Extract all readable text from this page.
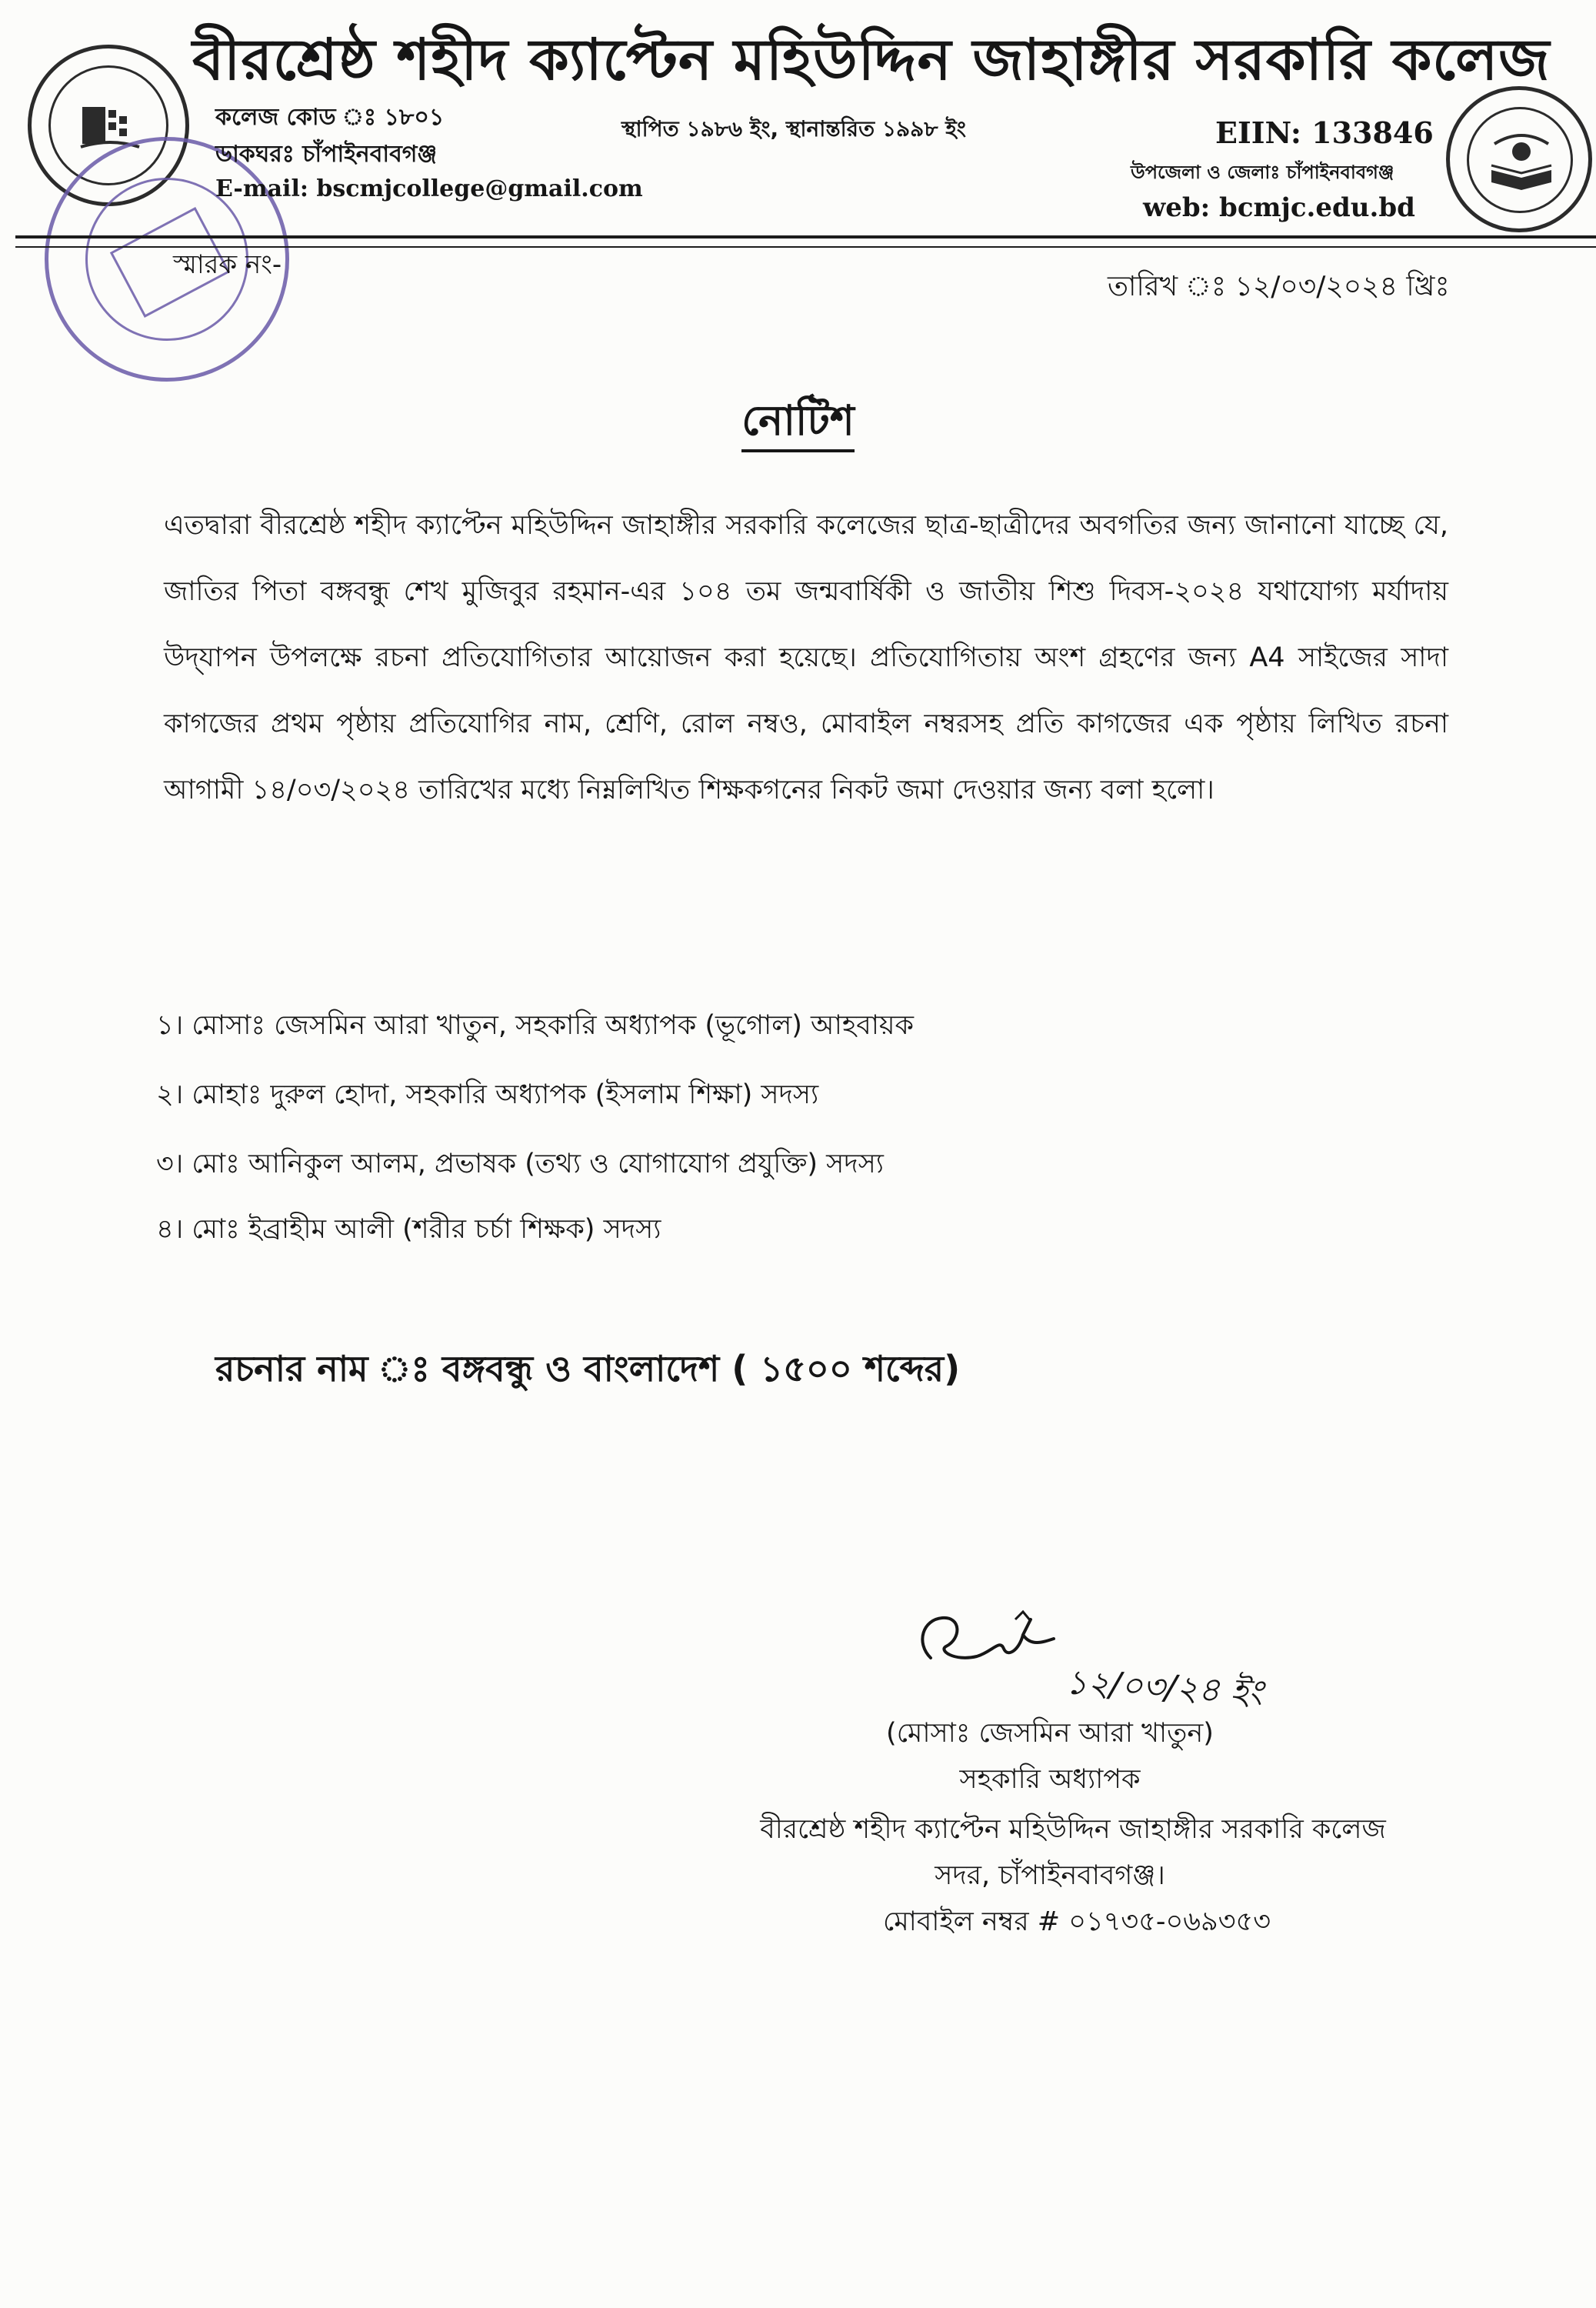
বীরশ্রেষ্ঠ শহীদ ক্যাপ্টেন মহিউদ্দিন জাহাঙ্গীর সরকারি কলেজ
কলেজ কোড ঃ ১৮০১
ডাকঘরঃ চাঁপাইনবাবগঞ্জ
E-mail: bscmjcollege@gmail.com
স্থাপিত ১৯৮৬ ইং, স্থানান্তরিত ১৯৯৮ ইং	EIIN: 133846
উপজেলা ও জেলাঃ চাঁপাইনবাবগঞ্জ
web: bcmjc.edu.bd
স্মারক নং-
তারিখ ঃ ১২/০৩/২০২৪ খ্রিঃ
নোটিশ
এতদ্বারা বীরশ্রেষ্ঠ শহীদ ক্যাপ্টেন মহিউদ্দিন জাহাঙ্গীর সরকারি কলেজের ছাত্র-ছাত্রীদের অবগতির জন্য জানানো যাচ্ছে যে, জাতির পিতা বঙ্গবন্ধু শেখ মুজিবুর রহমান-এর ১০৪ তম জন্মবার্ষিকী ও জাতীয় শিশু দিবস-২০২৪ যথাযোগ্য মর্যাদায় উদ্‌যাপন উপলক্ষে রচনা প্রতিযোগিতার আয়োজন করা হয়েছে। প্রতিযোগিতায় অংশ গ্রহণের জন্য A4 সাইজের সাদা কাগজের প্রথম পৃষ্ঠায় প্রতিযোগির নাম, শ্রেণি, রোল নম্বও, মোবাইল নম্বরসহ প্রতি কাগজের এক পৃষ্ঠায় লিখিত রচনা আগামী ১৪/০৩/২০২৪ তারিখের মধ্যে নিম্নলিখিত শিক্ষকগনের নিকট জমা দেওয়ার জন্য বলা হলো।
১। মোসাঃ জেসমিন আরা খাতুন, সহকারি অধ্যাপক (ভূগোল) আহবায়ক
২। মোহাঃ দুরুল হোদা, সহকারি অধ্যাপক (ইসলাম শিক্ষা) সদস্য
৩। মোঃ আনিকুল আলম, প্রভাষক (তথ্য ও যোগাযোগ প্রযুক্তি) সদস্য
৪। মোঃ ইব্রাহীম আলী (শরীর চর্চা শিক্ষক) সদস্য
রচনার নাম ঃ বঙ্গবন্ধু ও বাংলাদেশ ( ১৫০০ শব্দের)
১২/০৩/২৪ ইং
(মোসাঃ জেসমিন আরা খাতুন)
সহকারি অধ্যাপক
বীরশ্রেষ্ঠ শহীদ ক্যাপ্টেন মহিউদ্দিন জাহাঙ্গীর সরকারি কলেজ
সদর, চাঁপাইনবাবগঞ্জ।
মোবাইল নম্বর # ০১৭৩৫-০৬৯৩৫৩
